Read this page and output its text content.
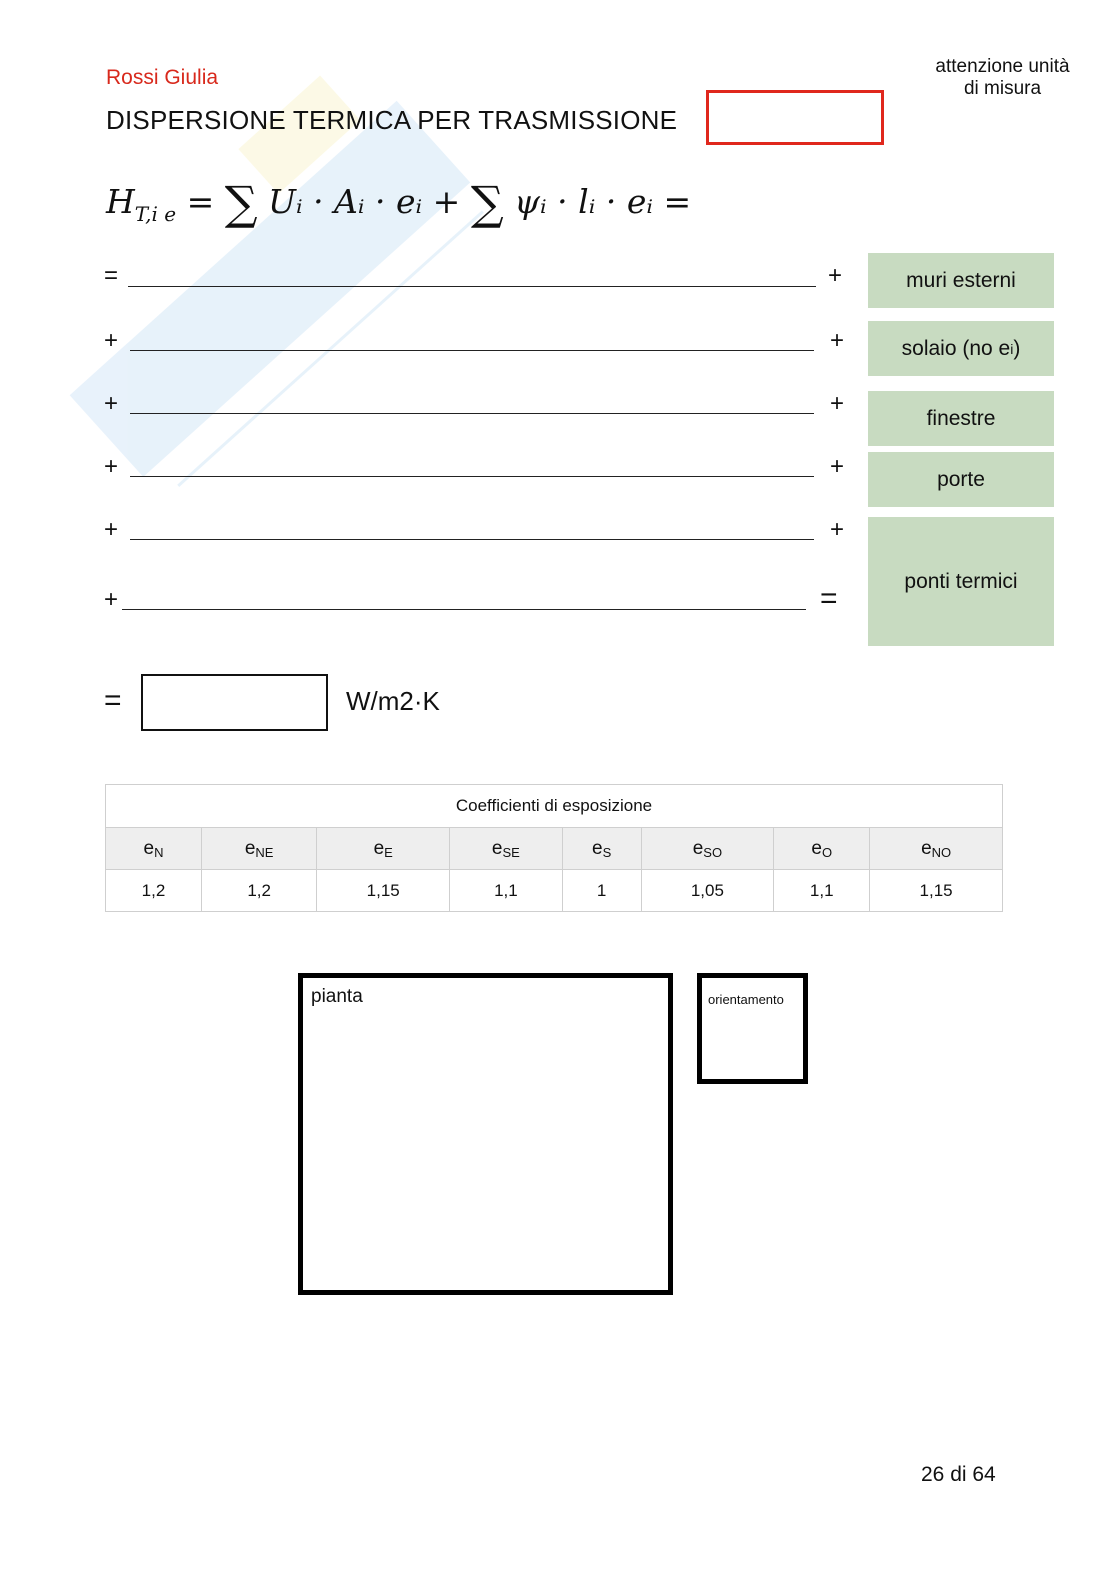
Rossi Giulia
DISPERSIONE TERMICA PER TRASMISSIONE
attenzione unità di misura
$H_{T,i e}$ = ∑ Uᵢ · Aᵢ · eᵢ + ∑ ψᵢ · lᵢ · eᵢ =
=	+
+	+
+	+
+	+
+	+
+	=
muri esterni
solaio (no e i )
finestre
porte
ponti termici
=	W/m2·K
Coefficienti di esposizione							
$e_N$	$e_{NE}$	$e_E$	$e_{SE}$	$e_S$	$e_{SO}$	$e_O$	$e_{NO}$
1,2	1,2	1,15	1,1	1	1,05	1,1	1,15
pianta	orientamento
26 di 64
